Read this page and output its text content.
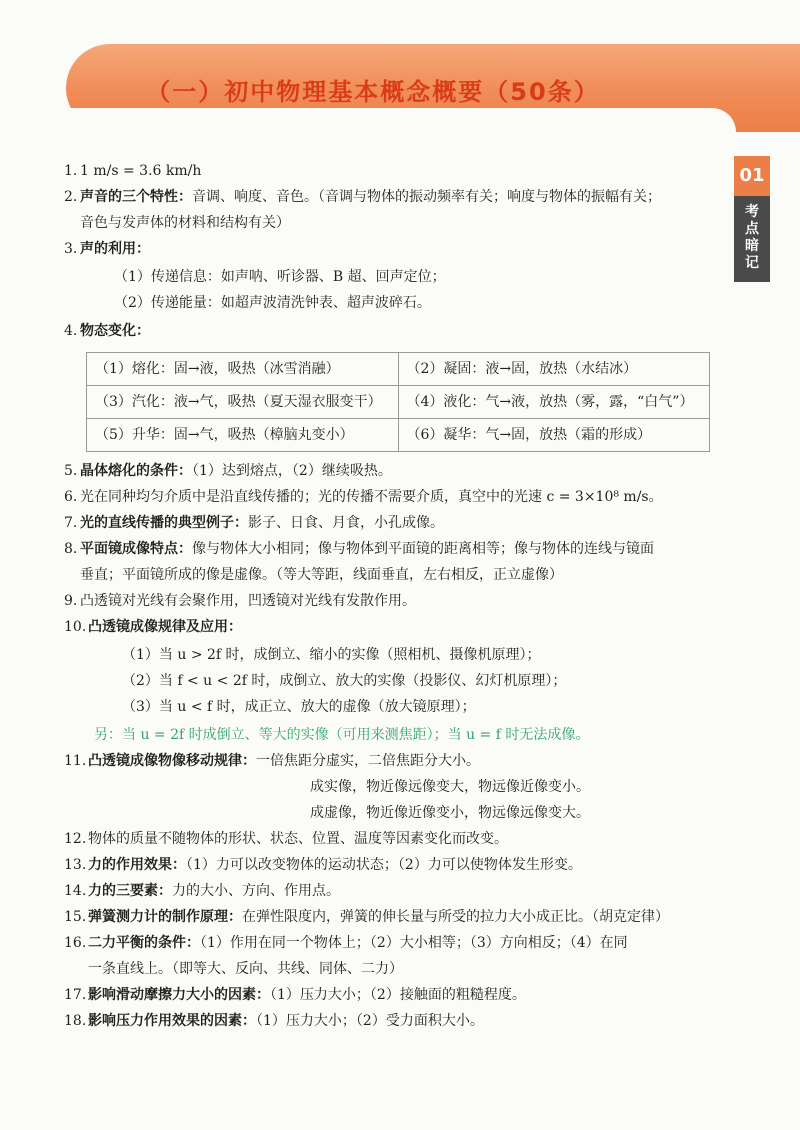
（一）初中物理基本概念概要（50条）
01
考
点
暗
记
1. 1 m/s = 3.6 km/h
2. 声音的三个特性：音调、响度、音色。（音调与物体的振动频率有关；响度与物体的振幅有关；
音色与发声体的材料和结构有关）
3. 声的利用：
（1）传递信息：如声呐、听诊器、B 超、回声定位；
（2）传递能量：如超声波清洗钟表、超声波碎石。
4. 物态变化：
（1）熔化：固→液，吸热（冰雪消融）	（2）凝固：液→固，放热（水结冰）
（3）汽化：液→气，吸热（夏天湿衣服变干）	（4）液化：气→液，放热（雾，露，“白气”）
（5）升华：固→气，吸热（樟脑丸变小）	（6）凝华：气→固，放热（霜的形成）
5. 晶体熔化的条件：（1）达到熔点，（2）继续吸热。
6. 光在同种均匀介质中是沿直线传播的；光的传播不需要介质，真空中的光速 c = 3×10⁸ m/s。
7. 光的直线传播的典型例子：影子、日食、月食，小孔成像。
8. 平面镜成像特点：像与物体大小相同；像与物体到平面镜的距离相等；像与物体的连线与镜面
垂直；平面镜所成的像是虚像。（等大等距，线面垂直，左右相反，正立虚像）
9. 凸透镜对光线有会聚作用，凹透镜对光线有发散作用。
10. 凸透镜成像规律及应用：
（1）当 u > 2f 时，成倒立、缩小的实像（照相机、摄像机原理）；
（2）当 f < u < 2f 时，成倒立、放大的实像（投影仪、幻灯机原理）；
（3）当 u < f 时，成正立、放大的虚像（放大镜原理）；
另：当 u = 2f 时成倒立、等大的实像（可用来测焦距）；当 u = f 时无法成像。
11. 凸透镜成像物像移动规律：一倍焦距分虚实，二倍焦距分大小。
成实像，物近像远像变大，物远像近像变小。
成虚像，物近像近像变小，物远像远像变大。
12. 物体的质量不随物体的形状、状态、位置、温度等因素变化而改变。
13. 力的作用效果：（1）力可以改变物体的运动状态；（2）力可以使物体发生形变。
14. 力的三要素：力的大小、方向、作用点。
15. 弹簧测力计的制作原理：在弹性限度内，弹簧的伸长量与所受的拉力大小成正比。（胡克定律）
16. 二力平衡的条件：（1）作用在同一个物体上；（2）大小相等；（3）方向相反；（4）在同
一条直线上。（即等大、反向、共线、同体、二力）
17. 影响滑动摩擦力大小的因素：（1）压力大小；（2）接触面的粗糙程度。
18. 影响压力作用效果的因素：（1）压力大小；（2）受力面积大小。
